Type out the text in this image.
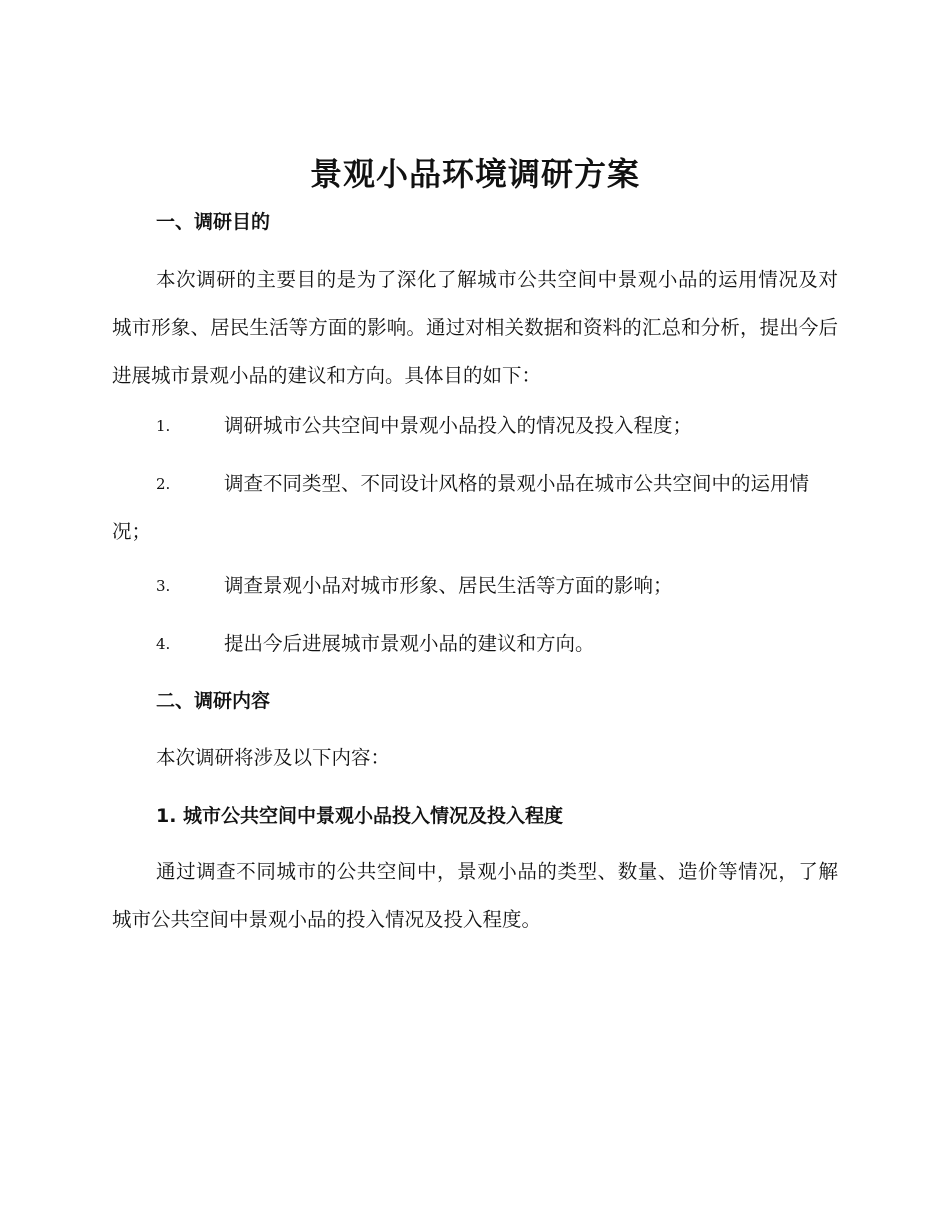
景观小品环境调研方案
一、调研目的
本次调研的主要目的是为了深化了解城市公共空间中景观小品的运用情况及对城市形象、居民生活等方面的影响。通过对相关数据和资料的汇总和分析，提出今后进展城市景观小品的建议和方向。具体目的如下：
1.	调研城市公共空间中景观小品投入的情况及投入程度；
2.	调查不同类型、不同设计风格的景观小品在城市公共空间中的运用情况；
3.	调查景观小品对城市形象、居民生活等方面的影响；
4.	提出今后进展城市景观小品的建议和方向。
二、调研内容
本次调研将涉及以下内容：
1. 城市公共空间中景观小品投入情况及投入程度
通过调查不同城市的公共空间中，景观小品的类型、数量、造价等情况，了解城市公共空间中景观小品的投入情况及投入程度。
